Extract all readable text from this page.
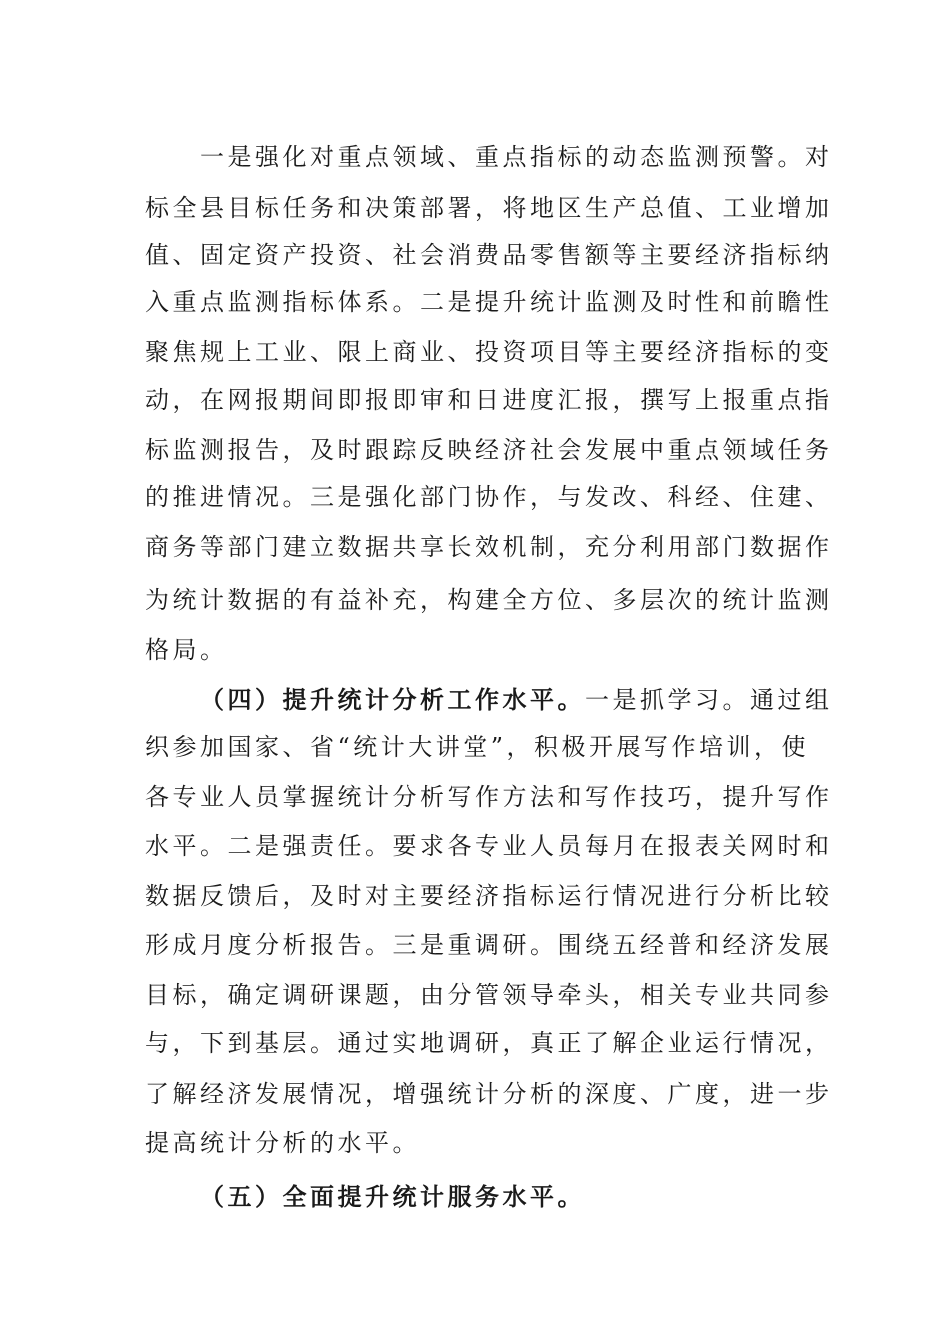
一是强化对重点领域、重点指标的动态监测预警。对
标全县目标任务和决策部署，将地区生产总值、工业增加
值、固定资产投资、社会消费品零售额等主要经济指标纳
入重点监测指标体系。二是提升统计监测及时性和前瞻性
聚焦规上工业、限上商业、投资项目等主要经济指标的变
动，在网报期间即报即审和日进度汇报，撰写上报重点指
标监测报告，及时跟踪反映经济社会发展中重点领域任务
的推进情况。三是强化部门协作，与发改、科经、住建、
商务等部门建立数据共享长效机制，充分利用部门数据作
为统计数据的有益补充，构建全方位、多层次的统计监测
格局。
（四）提升统计分析工作水平。一是抓学习。通过组
织参加国家、省“统计大讲堂”，积极开展写作培训，使
各专业人员掌握统计分析写作方法和写作技巧，提升写作
水平。二是强责任。要求各专业人员每月在报表关网时和
数据反馈后，及时对主要经济指标运行情况进行分析比较
形成月度分析报告。三是重调研。围绕五经普和经济发展
目标，确定调研课题，由分管领导牵头，相关专业共同参
与，下到基层。通过实地调研，真正了解企业运行情况，
了解经济发展情况，增强统计分析的深度、广度，进一步
提高统计分析的水平。
（五）全面提升统计服务水平。
